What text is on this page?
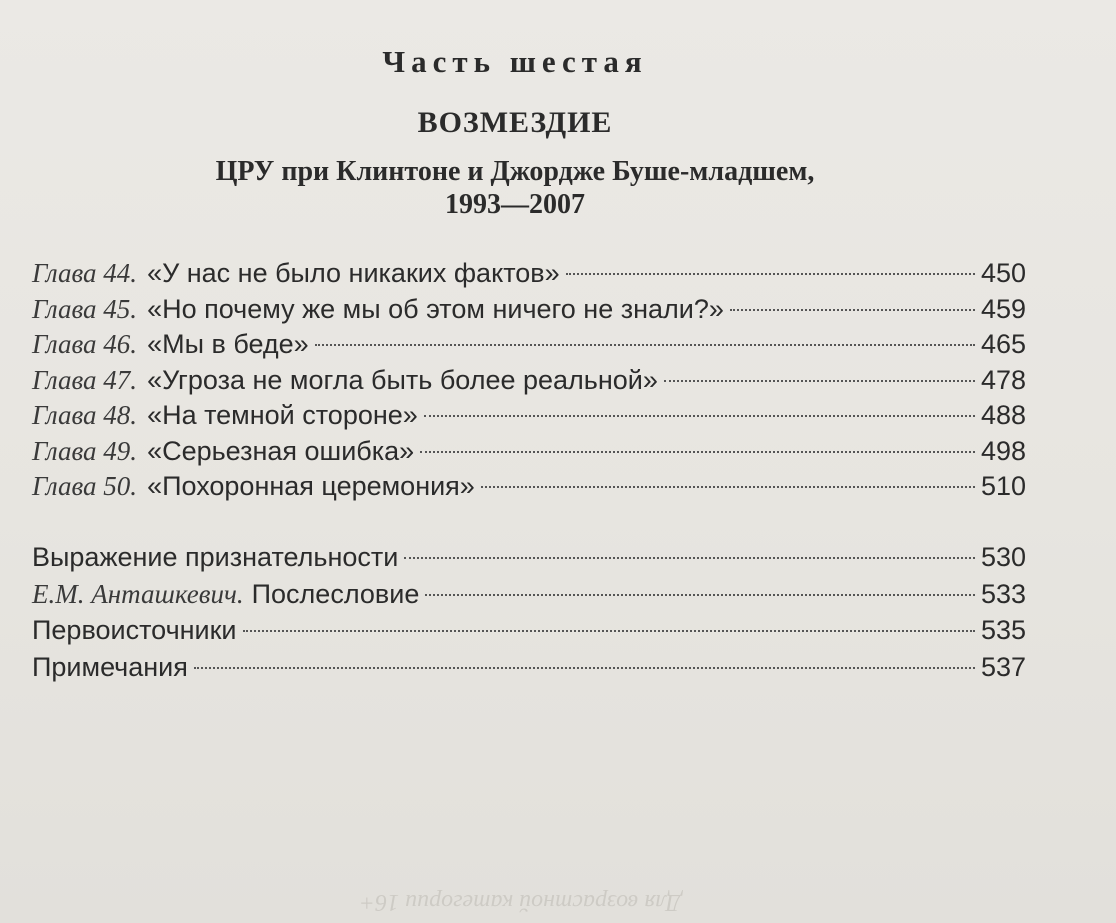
Часть шестая
ВОЗМЕЗДИЕ
ЦРУ при Клинтоне и Джордже Буше-младшем,
1993—2007
Глава 44. «У нас не было никаких фактов»	450
Глава 45. «Но почему же мы об этом ничего не знали?»	459
Глава 46. «Мы в беде»	465
Глава 47. «Угроза не могла быть более реальной»	478
Глава 48. «На темной стороне»	488
Глава 49. «Серьезная ошибка»	498
Глава 50. «Похоронная церемония»	510
Выражение признательности	530
Е.М. Анташкевич. Послесловие	533
Первоисточники	535
Примечания	537
Для возрастной категории 16+
